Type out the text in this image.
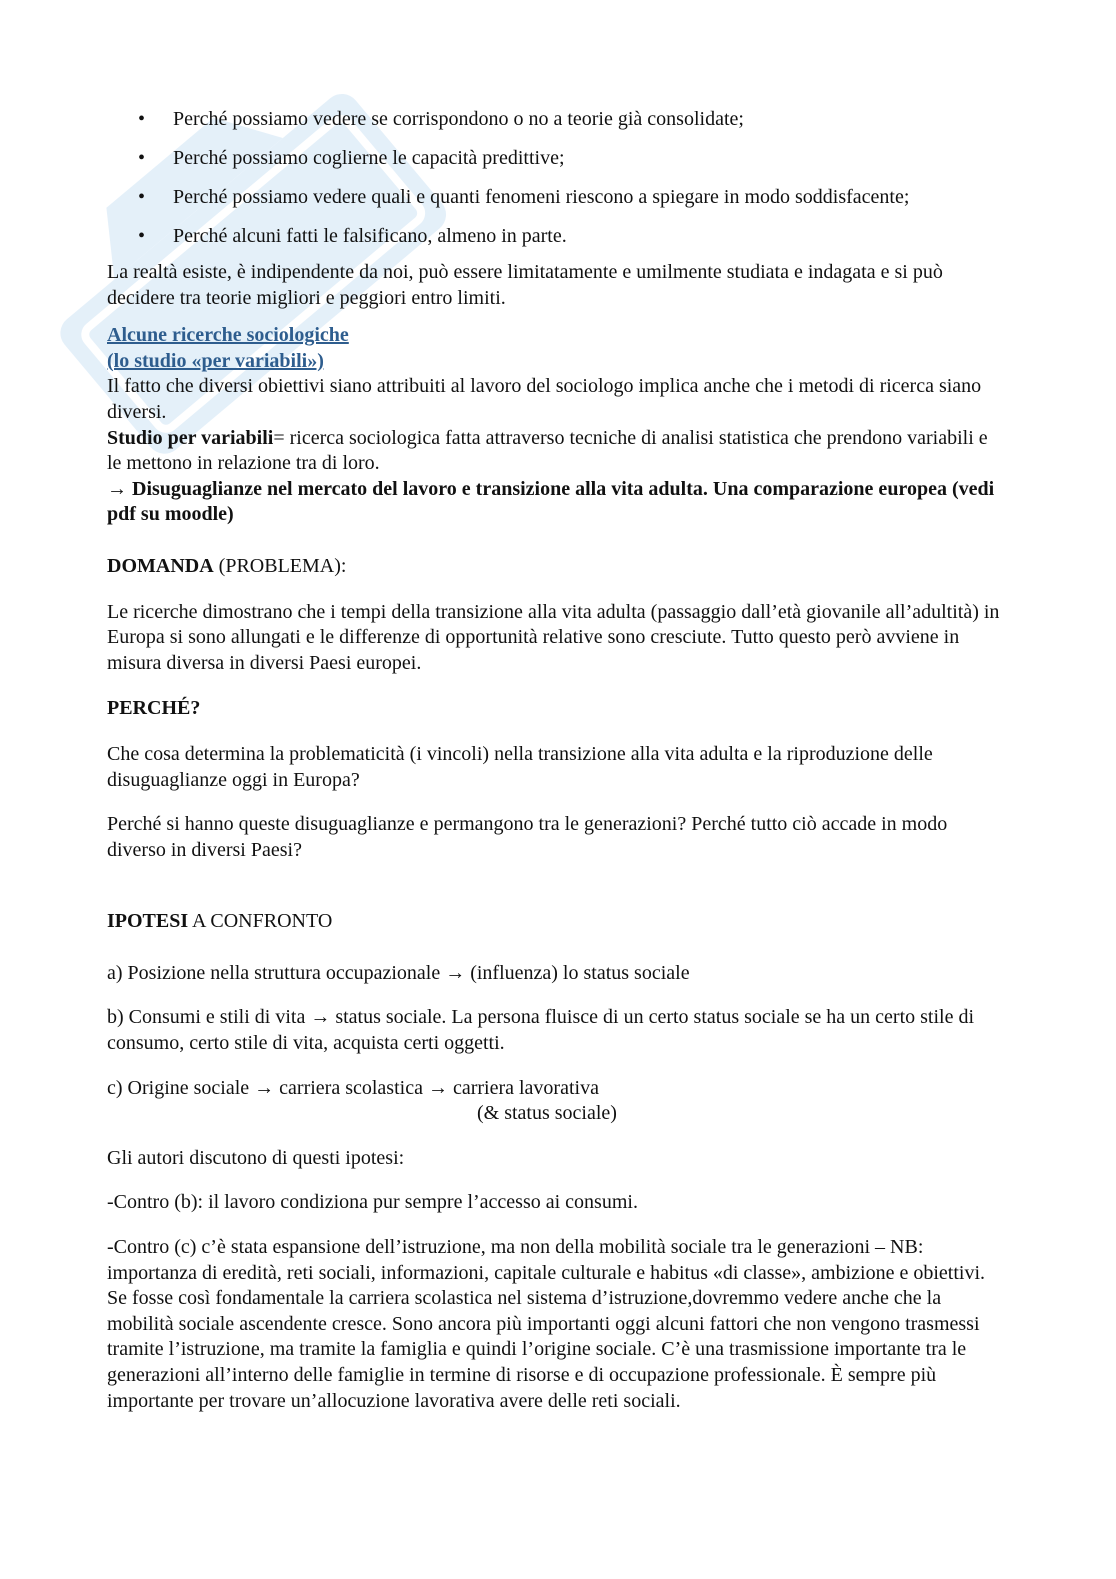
• Perché possiamo vedere se corrispondono o no a teorie già consolidate;
• Perché possiamo coglierne le capacità predittive;
• Perché possiamo vedere quali e quanti fenomeni riescono a spiegare in modo soddisfacente;
• Perché alcuni fatti le falsificano, almeno in parte.

La realtà esiste, è indipendente da noi, può essere limitatamente e umilmente studiata e indagata e si può decidere tra teorie migliori e peggiori entro limiti.

Alcune ricerche sociologiche
(lo studio «per variabili»)

Il fatto che diversi obiettivi siano attribuiti al lavoro del sociologo implica anche che i metodi di ricerca siano diversi.

Studio per variabili= ricerca sociologica fatta attraverso tecniche di analisi statistica che prendono variabili e le mettono in relazione tra di loro.

→ Disuguaglianze nel mercato del lavoro e transizione alla vita adulta. Una comparazione europea (vedi pdf su moodle)

DOMANDA (PROBLEMA):

Le ricerche dimostrano che i tempi della transizione alla vita adulta (passaggio dall’età giovanile all’adultità) in Europa si sono allungati e le differenze di opportunità relative sono cresciute. Tutto questo però avviene in misura diversa in diversi Paesi europei.

PERCHÉ?

Che cosa determina la problematicità (i vincoli) nella transizione alla vita adulta e la riproduzione delle disuguaglianze oggi in Europa?

Perché si hanno queste disuguaglianze e permangono tra le generazioni? Perché tutto ciò accade in modo diverso in diversi Paesi?

IPOTESI A CONFRONTO

a) Posizione nella struttura occupazionale → (influenza) lo status sociale

b) Consumi e stili di vita → status sociale. La persona fluisce di un certo status sociale se ha un certo stile di consumo, certo stile di vita, acquista certi oggetti.

c) Origine sociale → carriera scolastica → carriera lavorativa

(& status sociale)

Gli autori discutono di questi ipotesi:

-Contro (b): il lavoro condiziona pur sempre l’accesso ai consumi.

-Contro (c) c’è stata espansione dell’istruzione, ma non della mobilità sociale tra le generazioni – NB: importanza di eredità, reti sociali, informazioni, capitale culturale e habitus «di classe», ambizione e obiettivi. Se fosse così fondamentale la carriera scolastica nel sistema d’istruzione,dovremmo vedere anche che la mobilità sociale ascendente cresce. Sono ancora più importanti oggi alcuni fattori che non vengono trasmessi tramite l’istruzione, ma tramite la famiglia e quindi l’origine sociale. C’è una trasmissione importante tra le generazioni all’interno delle famiglie in termine di risorse e di occupazione professionale. È sempre più importante per trovare un’allocuzione lavorativa avere delle reti sociali.
